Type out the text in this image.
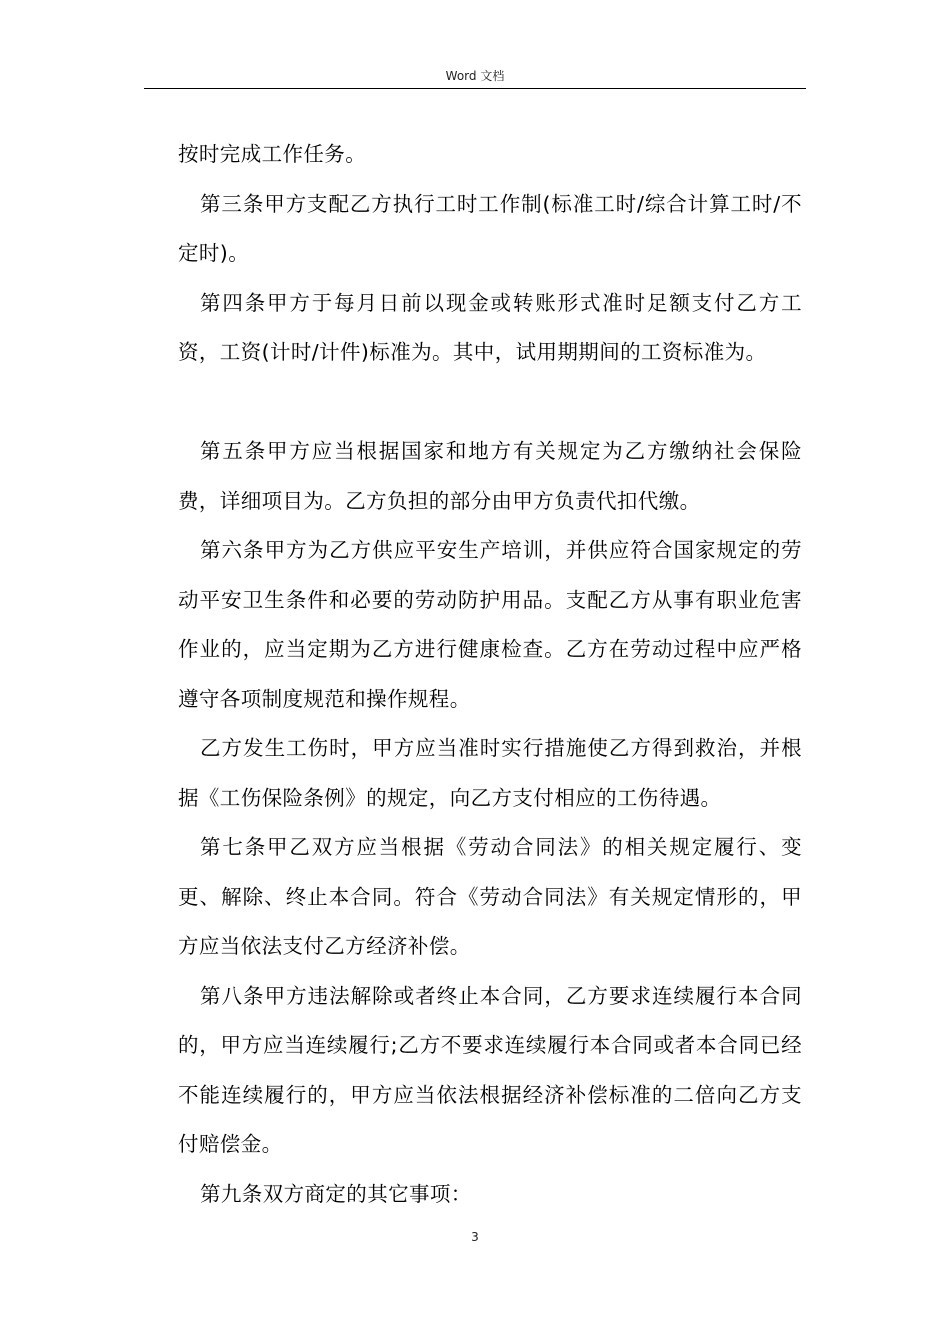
Word 文档

按时完成工作任务。

第三条甲方支配乙方执行工时工作制(标准工时/综合计算工时/不定时)。

第四条甲方于每月日前以现金或转账形式准时足额支付乙方工资，工资(计时/计件)标准为。其中，试用期期间的工资标准为。

第五条甲方应当根据国家和地方有关规定为乙方缴纳社会保险费，详细项目为。乙方负担的部分由甲方负责代扣代缴。

第六条甲方为乙方供应平安生产培训，并供应符合国家规定的劳动平安卫生条件和必要的劳动防护用品。支配乙方从事有职业危害作业的，应当定期为乙方进行健康检查。乙方在劳动过程中应严格遵守各项制度规范和操作规程。

乙方发生工伤时，甲方应当准时实行措施使乙方得到救治，并根据《工伤保险条例》的规定，向乙方支付相应的工伤待遇。

第七条甲乙双方应当根据《劳动合同法》的相关规定履行、变更、解除、终止本合同。符合《劳动合同法》有关规定情形的，甲方应当依法支付乙方经济补偿。

第八条甲方违法解除或者终止本合同，乙方要求连续履行本合同的，甲方应当连续履行;乙方不要求连续履行本合同或者本合同已经不能连续履行的，甲方应当依法根据经济补偿标准的二倍向乙方支付赔偿金。

第九条双方商定的其它事项：

3
